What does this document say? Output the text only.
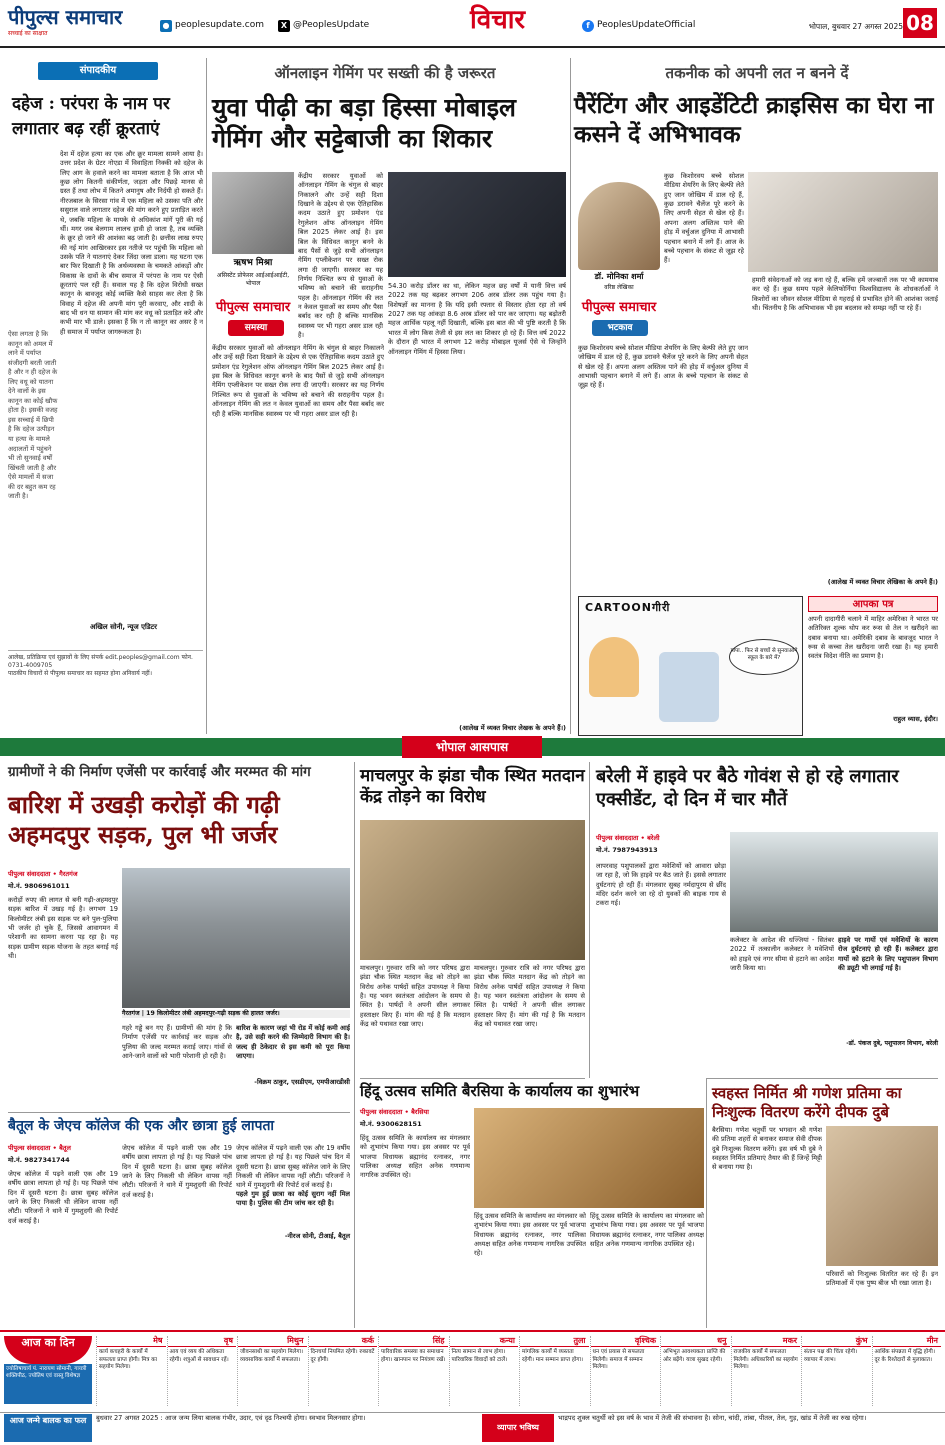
पीपुल्स समाचार
सच्चाई का साक्षात
● peoplesupdate.com	X @PeoplesUpdate	विचार	f PeoplesUpdateOfficial	भोपाल, बुधवार 27 अगस्त 2025 08
संपादकीय
दहेज : परंपरा के नाम पर लगातार बढ़ रहीं क्रूरताएं
देश में दहेज हत्या का एक और क्रूर मामला सामने आया है। उत्तर प्रदेश के ग्रेटर नोएडा में विवाहिता निक्की को दहेज के लिए आग के हवाले करने का मामला बताता है कि आज भी कुछ लोग कितनी संकीर्णता, जड़ता और पिछड़े मानस से ग्रस्त हैं तथा लोभ में कितने अमानुष और निर्दयी हो सकते हैं। नीरजबाल के सिरसा गांव में एक महिला को उसका पति और ससुराल वाले लगातार दहेज की मांग करने हुए प्रताड़ित करते थे, जबकि महिला के मायके से अधिकांश मांगें पूरी की गई थीं। मगर जब बेलगाम लालच हावी हो जाता है, तब व्यक्ति के क्रूर हो जाने की आशंका बढ़ जाती है। छत्तीस लाख रुपए की नई मांग आखिरकार इस नतीजे पर पहुंची कि महिला को उसके पति ने यातनाएं देकर जिंदा जला डाला। यह घटना एक बार फिर दिखाती है कि अर्थव्यवस्था के चमकते आंकड़ों और विकास के दावों के बीच समाज में परंपरा के नाम पर ऐसी क्रूरताएं पल रही हैं। सवाल यह है कि दहेज विरोधी सख्त कानून के बावजूद कोई व्यक्ति कैसे साहस कर लेता है कि विवाह में दहेज की अपनी मांग पूरी करवाए, और शादी के बाद भी धन या सामान की मांग कर वधू को प्रताड़ित करे और कभी मार भी डाले। इसका हैं कि न तो कानून का असर है न ही समाज में पर्याप्त जागरूकता है।
ऐसा लगता है कि कानून को अमल में लाने में पर्याप्त संजीदगी बरती जाती है और न ही दहेज के लिए वधू को यातना देने वालों के इस कानून का कोई खौफ होता है। इसकी वजह इस सच्चाई में छिपी है कि दहेज उत्पीड़न या हत्या के मामले अदालतों में पहुंचने भी तो सुनवाई वर्षों खिंचती जाती है और ऐसे मामलों में सजा की दर बहुत कम रह जाती है।
अखिल सोनी, न्यूज एडिटर
आलेख, प्रतिक्रिया एवं सुझावों के लिए संपर्क edit.peoples@gmail.com फोन. 0731-4009705
पाठकीय विचारों से पीपुल्स समाचार का सहमत होना अनिवार्य नहीं।
ऑनलाइन गेमिंग पर सख्ती की है जरूरत
युवा पीढ़ी का बड़ा हिस्सा मोबाइल गेमिंग और सट्टेबाजी का शिकार
ऋषभ मिश्रा
असिस्टेंट प्रोफेसर आईआईआईटी, भोपाल
पीपुल्स समाचार
समस्या
केंद्रीय सरकार युवाओं को ऑनलाइन गेमिंग के चंगुल से बाहर निकालने और उन्हें सही दिशा दिखाने के उद्देश्य से एक ऐतिहासिक कदम उठाते हुए प्रमोशन एंड रेगुलेशन ऑफ ऑनलाइन गेमिंग बिल 2025 लेकर आई है। इस बिल के विधिवत कानून बनने के बाद पैसों से जुड़े सभी ऑनलाइन गेमिंग एप्लीकेशन पर सख्त रोक लगा दी जाएगी। सरकार का यह निर्णय निश्चित रूप से युवाओं के भविष्य को बचाने की सराहनीय पहल है। ऑनलाइन गेमिंग की लत न केवल युवाओं का समय और पैसा बर्बाद कर रही है बल्कि मानसिक स्वास्थ्य पर भी गहरा असर डाल रही है।
केंद्रीय सरकार युवाओं को ऑनलाइन गेमिंग के चंगुल से बाहर निकालने और उन्हें सही दिशा दिखाने के उद्देश्य से एक ऐतिहासिक कदम उठाते हुए प्रमोशन एंड रेगुलेशन ऑफ ऑनलाइन गेमिंग बिल 2025 लेकर आई है। इस बिल के विधिवत कानून बनने के बाद पैसों से जुड़े सभी ऑनलाइन गेमिंग एप्लीकेशन पर सख्त रोक लगा दी जाएगी। सरकार का यह निर्णय निश्चित रूप से युवाओं के भविष्य को बचाने की सराहनीय पहल है। ऑनलाइन गेमिंग की लत न केवल युवाओं का समय और पैसा बर्बाद कर रही है बल्कि मानसिक स्वास्थ्य पर भी गहरा असर डाल रही है।
54.30 करोड़ डॉलर का था, लेकिन महज छह वर्षों में यानी वित्त वर्ष 2022 तक यह बढ़कर लगभग 206 अरब डॉलर तक पहुंच गया है। विशेषज्ञों का मानना है कि यदि इसी रफ्तार से विस्तार होता रहा तो वर्ष 2027 तक यह आंकड़ा 8.6 अरब डॉलर को पार कर जाएगा। यह बढ़ोतरी महज आर्थिक पहलू नहीं दिखाती, बल्कि इस बात की भी पुष्टि करती है कि भारत में लोग किस तेजी से इस लत का शिकार हो रहे हैं। वित्त वर्ष 2022 के दौरान ही भारत में लगभग 12 करोड़ मोबाइल यूजर्स ऐसे थे जिन्होंने ऑनलाइन गेमिंग में हिस्सा लिया।
(आलेख में व्यक्त विचार लेखक के अपने हैं।)
तकनीक को अपनी लत न बनने दें
पैरेंटिंग और आइडेंटिटी क्राइसिस का घेरा ना कसने दें अभिभावक
डॉ. मोनिका शर्मा
वरिष्ठ लेखिका
पीपुल्स समाचार
भटकाव
कुछ किशोरवय बच्चे सोशल मीडिया शेयरिंग के लिए बेल्फी लेते हुए जान जोखिम में डाल रहे हैं, कुछ डरावने चैलेंज पूरे करने के लिए अपनी सेहत से खेल रहे हैं। अपना अलग अस्तित्व पाने की होड़ में वर्चुअल दुनिया में आभासी पहचान बनाने में लगे हैं। आज के बच्चे पहचान के संकट से जूझ रहे हैं।
कुछ किशोरवय बच्चे सोशल मीडिया शेयरिंग के लिए बेल्फी लेते हुए जान जोखिम में डाल रहे हैं, कुछ डरावने चैलेंज पूरे करने के लिए अपनी सेहत से खेल रहे हैं। अपना अलग अस्तित्व पाने की होड़ में वर्चुअल दुनिया में आभासी पहचान बनाने में लगे हैं। आज के बच्चे पहचान के संकट से जूझ रहे हैं।
हमारी संवेदनाओं को जड़ बना रहे हैं, बल्कि हमें जज्बातों तक पर भी कामयाब कर रहे हैं। कुछ समय पहले केलिफोर्निया विश्वविद्यालय के शोधकर्ताओं ने किशोरों का जीवन सोशल मीडिया से गहराई से प्रभावित होने की आशंका जताई थी। चिंतनीय है कि अभिभावक भी इस बदलाव को समझ नहीं पा रहे हैं।
(आलेख में व्यक्त विचार लेखिका के अपने हैं।)
CARTOONगीरी
पापा.. फिर से बच्चों से सुनवाओगे स्कूल के बारे में?
आपका पत्र
अपनी दादागीरी चलाने में माहिर अमेरिका ने भारत पर अतिरिक्त शुल्क थोप कर रूस से तेल न खरीदने का दबाव बनाया था। अमेरिकी दबाव के बावजूद भारत ने रूस से कच्चा तेल खरीदना जारी रखा है। यह हमारी स्वतंत्र विदेश नीति का प्रमाण है।
राहुल व्यास, इंदौर।
भोपाल आसपास
ग्रामीणों ने की निर्माण एजेंसी पर कार्रवाई और मरम्मत की मांग
बारिश में उखड़ी करोड़ों की गढ़ी अहमदपुर सड़क, पुल भी जर्जर
पीपुल्स संवाददाता • गैरतगंज
मो.नं. 9806961011
करोड़ों रुपए की लागत से बनी गढ़ी-अहमदपुर सड़क बारिश में उखड़ गई है। लगभग 19 किलोमीटर लंबी इस सड़क पर बने पुल-पुलिया भी जर्जर हो चुके हैं, जिससे आवागमन में परेशानी का सामना करना पड़ रहा है। यह सड़क ग्रामीण सड़क योजना के तहत बनाई गई थी।
गैरतगंज | 19 किलोमीटर लंबी अहमदपुर-गढ़ी सड़क की हालत जर्जर।
गहरे गड्ढे बन गए हैं। ग्रामीणों की मांग है कि निर्माण एजेंसी पर कार्रवाई कर सड़क और पुलिया की जल्द मरम्मत कराई जाए। गांवों से आने-जाने वालों को भारी परेशानी हो रही है।
बारिश के कारण जहां भी रोड में कोई कमी आई है, उसे सही करने की जिम्मेदारी विभाग की है। जल्द ही ठेकेदार से इस कमी को पूरा किया जाएगा।
-विक्रम ठाकुर, एसडीएम, एमपीआरडीसी
बैतूल के जेएच कॉलेज की एक और छात्रा हुई लापता
पीपुल्स संवाददाता • बैतूल
मो.नं. 9827341744
जेएच कॉलेज में पढ़ने वाली एक और 19 वर्षीय छात्रा लापता हो गई है। यह पिछले पांच दिन में दूसरी घटना है। छात्रा सुबह कॉलेज जाने के लिए निकली थी लेकिन वापस नहीं लौटी। परिजनों ने थाने में गुमशुदगी की रिपोर्ट दर्ज कराई है।
जेएच कॉलेज में पढ़ने वाली एक और 19 वर्षीय छात्रा लापता हो गई है। यह पिछले पांच दिन में दूसरी घटना है। छात्रा सुबह कॉलेज जाने के लिए निकली थी लेकिन वापस नहीं लौटी। परिजनों ने थाने में गुमशुदगी की रिपोर्ट दर्ज कराई है।
जेएच कॉलेज में पढ़ने वाली एक और 19 वर्षीय छात्रा लापता हो गई है। यह पिछले पांच दिन में दूसरी घटना है। छात्रा सुबह कॉलेज जाने के लिए निकली थी लेकिन वापस नहीं लौटी। परिजनों ने थाने में गुमशुदगी की रिपोर्ट दर्ज कराई है।
पहले गुम हुई छात्रा का कोई सुराग नहीं मिल पाया है। पुलिस की टीम जांच कर रही है।
-नीरज सोनी, टीआई, बैतूल
माचलपुर के झंडा चौक स्थित मतदान केंद्र तोड़ने का विरोध
माचलपुर। गुरुवार रात्रि को नगर परिषद द्वारा झंडा चौक स्थित मतदान केंद्र को तोड़ने का विरोध अनेक पार्षदों सहित उपाध्यक्ष ने किया है। यह भवन स्वतंत्रता आंदोलन के समय से स्थित है। पार्षदों ने अपनी सील लगाकर हस्ताक्षर किए हैं। मांग की गई है कि मतदान केंद्र को यथावत रखा जाए।
माचलपुर। गुरुवार रात्रि को नगर परिषद द्वारा झंडा चौक स्थित मतदान केंद्र को तोड़ने का विरोध अनेक पार्षदों सहित उपाध्यक्ष ने किया है। यह भवन स्वतंत्रता आंदोलन के समय से स्थित है। पार्षदों ने अपनी सील लगाकर हस्ताक्षर किए हैं। मांग की गई है कि मतदान केंद्र को यथावत रखा जाए।
हिंदू उत्सव समिति बैरसिया के कार्यालय का शुभारंभ
पीपुल्स संवाददाता • बैरसिया
मो.नं. 9300628151
हिंदू उत्सव समिति के कार्यालय का मंगलवार को शुभारंभ किया गया। इस अवसर पर पूर्व भाजपा विधायक ब्रह्मानंद रत्नाकर, नगर पालिका अध्यक्ष सहित अनेक गणमान्य नागरिक उपस्थित रहे।
हिंदू उत्सव समिति के कार्यालय का मंगलवार को शुभारंभ किया गया। इस अवसर पर पूर्व भाजपा विधायक ब्रह्मानंद रत्नाकर, नगर पालिका अध्यक्ष सहित अनेक गणमान्य नागरिक उपस्थित रहे।
हिंदू उत्सव समिति के कार्यालय का मंगलवार को शुभारंभ किया गया। इस अवसर पर पूर्व भाजपा विधायक ब्रह्मानंद रत्नाकर, नगर पालिका अध्यक्ष सहित अनेक गणमान्य नागरिक उपस्थित रहे।
बरेली में हाइवे पर बैठे गोवंश से हो रहे लगातार एक्सीडेंट, दो दिन में चार मौतें
पीपुल्स संवाददाता • बरेली
मो.नं. 7987943913
लापरवाह पशुपालकों द्वारा मवेशियों को आवारा छोड़ा जा रहा है, जो कि हाइवे पर बैठ जाते हैं। इससे लगातार दुर्घटनाएं हो रही हैं। मंगलवार सुबह नर्मदापुरम से छींद मंदिर दर्शन करने जा रहे दो युवकों की बाइक गाय से टकरा गई।
कलेक्टर के आदेश की धज्जियां - सितंबर 2022 में तत्कालीन कलेक्टर ने मवेशियों को हाइवे एवं नगर सीमा से हटाने का आदेश जारी किया था।
हाइवे पर गायों एवं मवेशियों के कारण रोज दुर्घटनाएं हो रही हैं। कलेक्टर द्वारा गायों को हटाने के लिए पशुपालन विभाग की ड्यूटी भी लगाई गई है।
-डॉ. पंकज दुबे, पशुपालन विभाग, बरेली
स्वहस्त निर्मित श्री गणेश प्रतिमा का निःशुल्क वितरण करेंगे दीपक दुबे
बैरसिया। गणेश चतुर्थी पर भगवान श्री गणेश की प्रतिमा शहरों से बनाकर समाज सेवी दीपक दुबे निःशुल्क वितरण करेंगे। इस वर्ष भी दुबे ने स्वहस्त निर्मित प्रतिमाएं तैयार की हैं जिन्हें मिट्टी से बनाया गया है।
परिवारों को निःशुल्क वितरित कर रहे हैं। इन प्रतिमाओं में एक पुष्प बीज भी रखा जाता है।
आज का दिन
ज्योतिषाचार्य पं. नारायण सोमानी, गायत्री शक्तिपीठ, ज्योतिष एवं वास्तु विशेषज्ञ
मेष
कार्य कचहरी के कार्यों में सफलता प्राप्त होगी। मित्र का सहयोग मिलेगा।
वृष
आय एवं व्यय की अधिकता रहेगी। शत्रुओं से सावधान रहें।
मिथुन
जीवनसाथी का सहयोग मिलेगा। व्यवसायिक कार्यों में सफलता।
कर्क
दिनचर्या नियमित रहेगी। रुकावटें दूर होंगी।
सिंह
पारिवारिक समस्या का समाधान होगा। खानपान पर नियंत्रण रखें।
कन्या
नित्य सामान से लाभ होगा। पारिवारिक विवादों को टालें।
तुला
मांगलिक कार्यों में व्यस्तता रहेगी। मान सम्मान प्राप्त होगा।
वृश्चिक
धन एवं प्रयास से सफलता मिलेगी। समाज में सम्मान मिलेगा।
धनु
अभिभूत आवश्यकता प्राप्ति की ओर बढ़ेंगे। यात्रा सुखद रहेगी।
मकर
राजकीय कार्यों में सफलता मिलेगी। अधिकारियों का सहयोग मिलेगा।
कुंभ
संतान पक्ष की चिंता रहेगी। व्यापार में लाभ।
मीन
आर्थिक संपन्नता में वृद्धि होगी। दूर के रिश्तेदारों से मुलाकात।
आज जन्मे बालक का फल	बुधवार 27 अगस्त 2025 : आज जन्म लिया बालक गंभीर, उदार, एवं दृढ निश्चयी होगा। स्वभाव मिलनसार होगा।
व्यापार भविष्य
भाद्रपद शुक्ल चतुर्थी को इस वर्ष के भाव में तेजी की संभावना है। सोना, चांदी, तांबा, पीतल, तेल, गुड़, खांड में तेजी का रुख रहेगा।
